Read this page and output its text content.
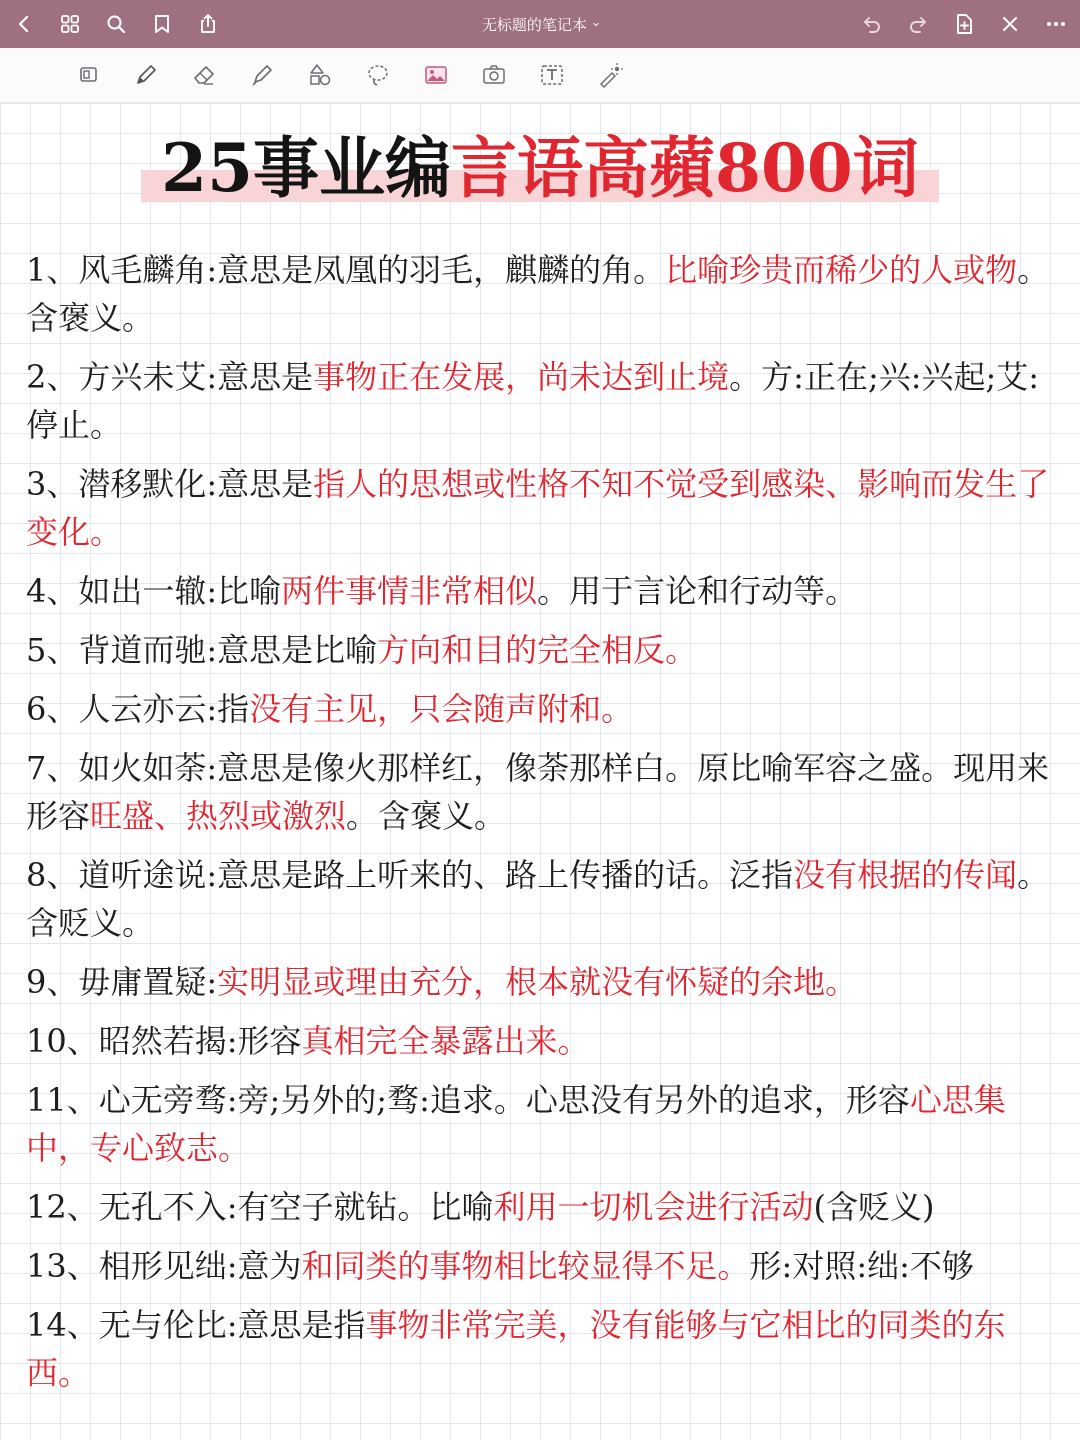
无标题的笔记本 ›
25事业编言语高蘋800词
1、风毛麟角:意思是凤凰的羽毛，麒麟的角。比喻珍贵而稀少的人或物。含褒义。
2、方兴未艾:意思是事物正在发展，尚未达到止境。方:正在;兴:兴起;艾:停止。
3、潜移默化:意思是指人的思想或性格不知不觉受到感染、影响而发生了变化。
4、如出一辙:比喻两件事情非常相似。用于言论和行动等。
5、背道而驰:意思是比喻方向和目的完全相反。
6、人云亦云:指没有主见，只会随声附和。
7、如火如荼:意思是像火那样红，像荼那样白。原比喻军容之盛。现用来形容旺盛、热烈或激烈。含褒义。
8、道听途说:意思是路上听来的、路上传播的话。泛指没有根据的传闻。含贬义。
9、毋庸置疑:实明显或理由充分，根本就没有怀疑的余地。
10、昭然若揭:形容真相完全暴露出来。
11、心无旁骛:旁;另外的;骛:追求。心思没有另外的追求，形容心思集中，专心致志。
12、无孔不入:有空子就钻。比喻利用一切机会进行活动(含贬义)
13、相形见绌:意为和同类的事物相比较显得不足。形:对照:绌:不够
14、无与伦比:意思是指事物非常完美，没有能够与它相比的同类的东西。
